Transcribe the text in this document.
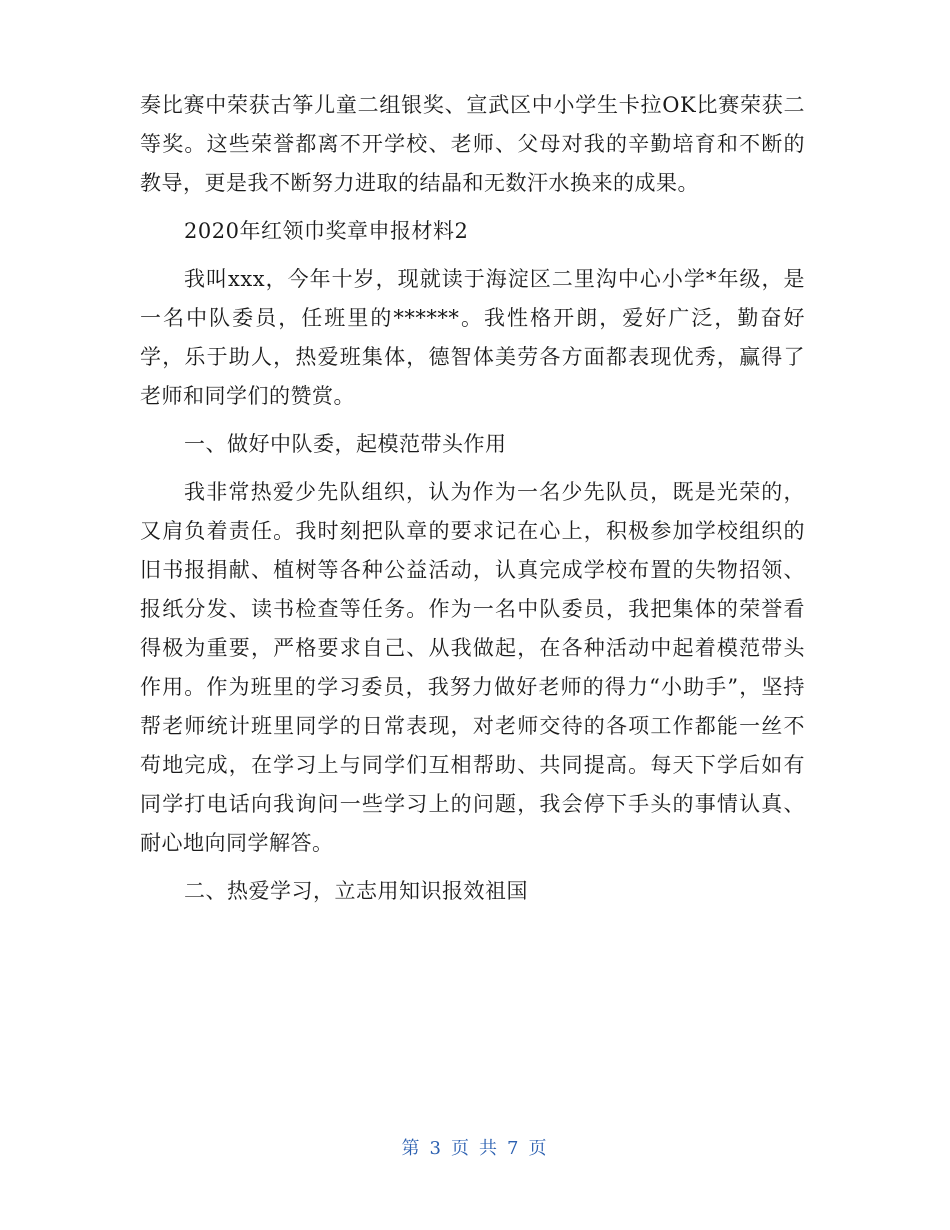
奏比赛中荣获古筝儿童二组银奖、宣武区中小学生卡拉OK比赛荣获二等奖。这些荣誉都离不开学校、老师、父母对我的辛勤培育和不断的教导，更是我不断努力进取的结晶和无数汗水换来的成果。

2020年红领巾奖章申报材料2

我叫xxx，今年十岁，现就读于海淀区二里沟中心小学*年级，是一名中队委员，任班里的******。我性格开朗，爱好广泛，勤奋好学，乐于助人，热爱班集体，德智体美劳各方面都表现优秀，赢得了老师和同学们的赞赏。

一、做好中队委，起模范带头作用

我非常热爱少先队组织，认为作为一名少先队员，既是光荣的，又肩负着责任。我时刻把队章的要求记在心上，积极参加学校组织的旧书报捐献、植树等各种公益活动，认真完成学校布置的失物招领、报纸分发、读书检查等任务。作为一名中队委员，我把集体的荣誉看得极为重要，严格要求自己、从我做起，在各种活动中起着模范带头作用。作为班里的学习委员，我努力做好老师的得力“小助手”，坚持帮老师统计班里同学的日常表现，对老师交待的各项工作都能一丝不苟地完成，在学习上与同学们互相帮助、共同提高。每天下学后如有同学打电话向我询问一些学习上的问题，我会停下手头的事情认真、耐心地向同学解答。

二、热爱学习，立志用知识报效祖国

第 3 页 共 7 页
